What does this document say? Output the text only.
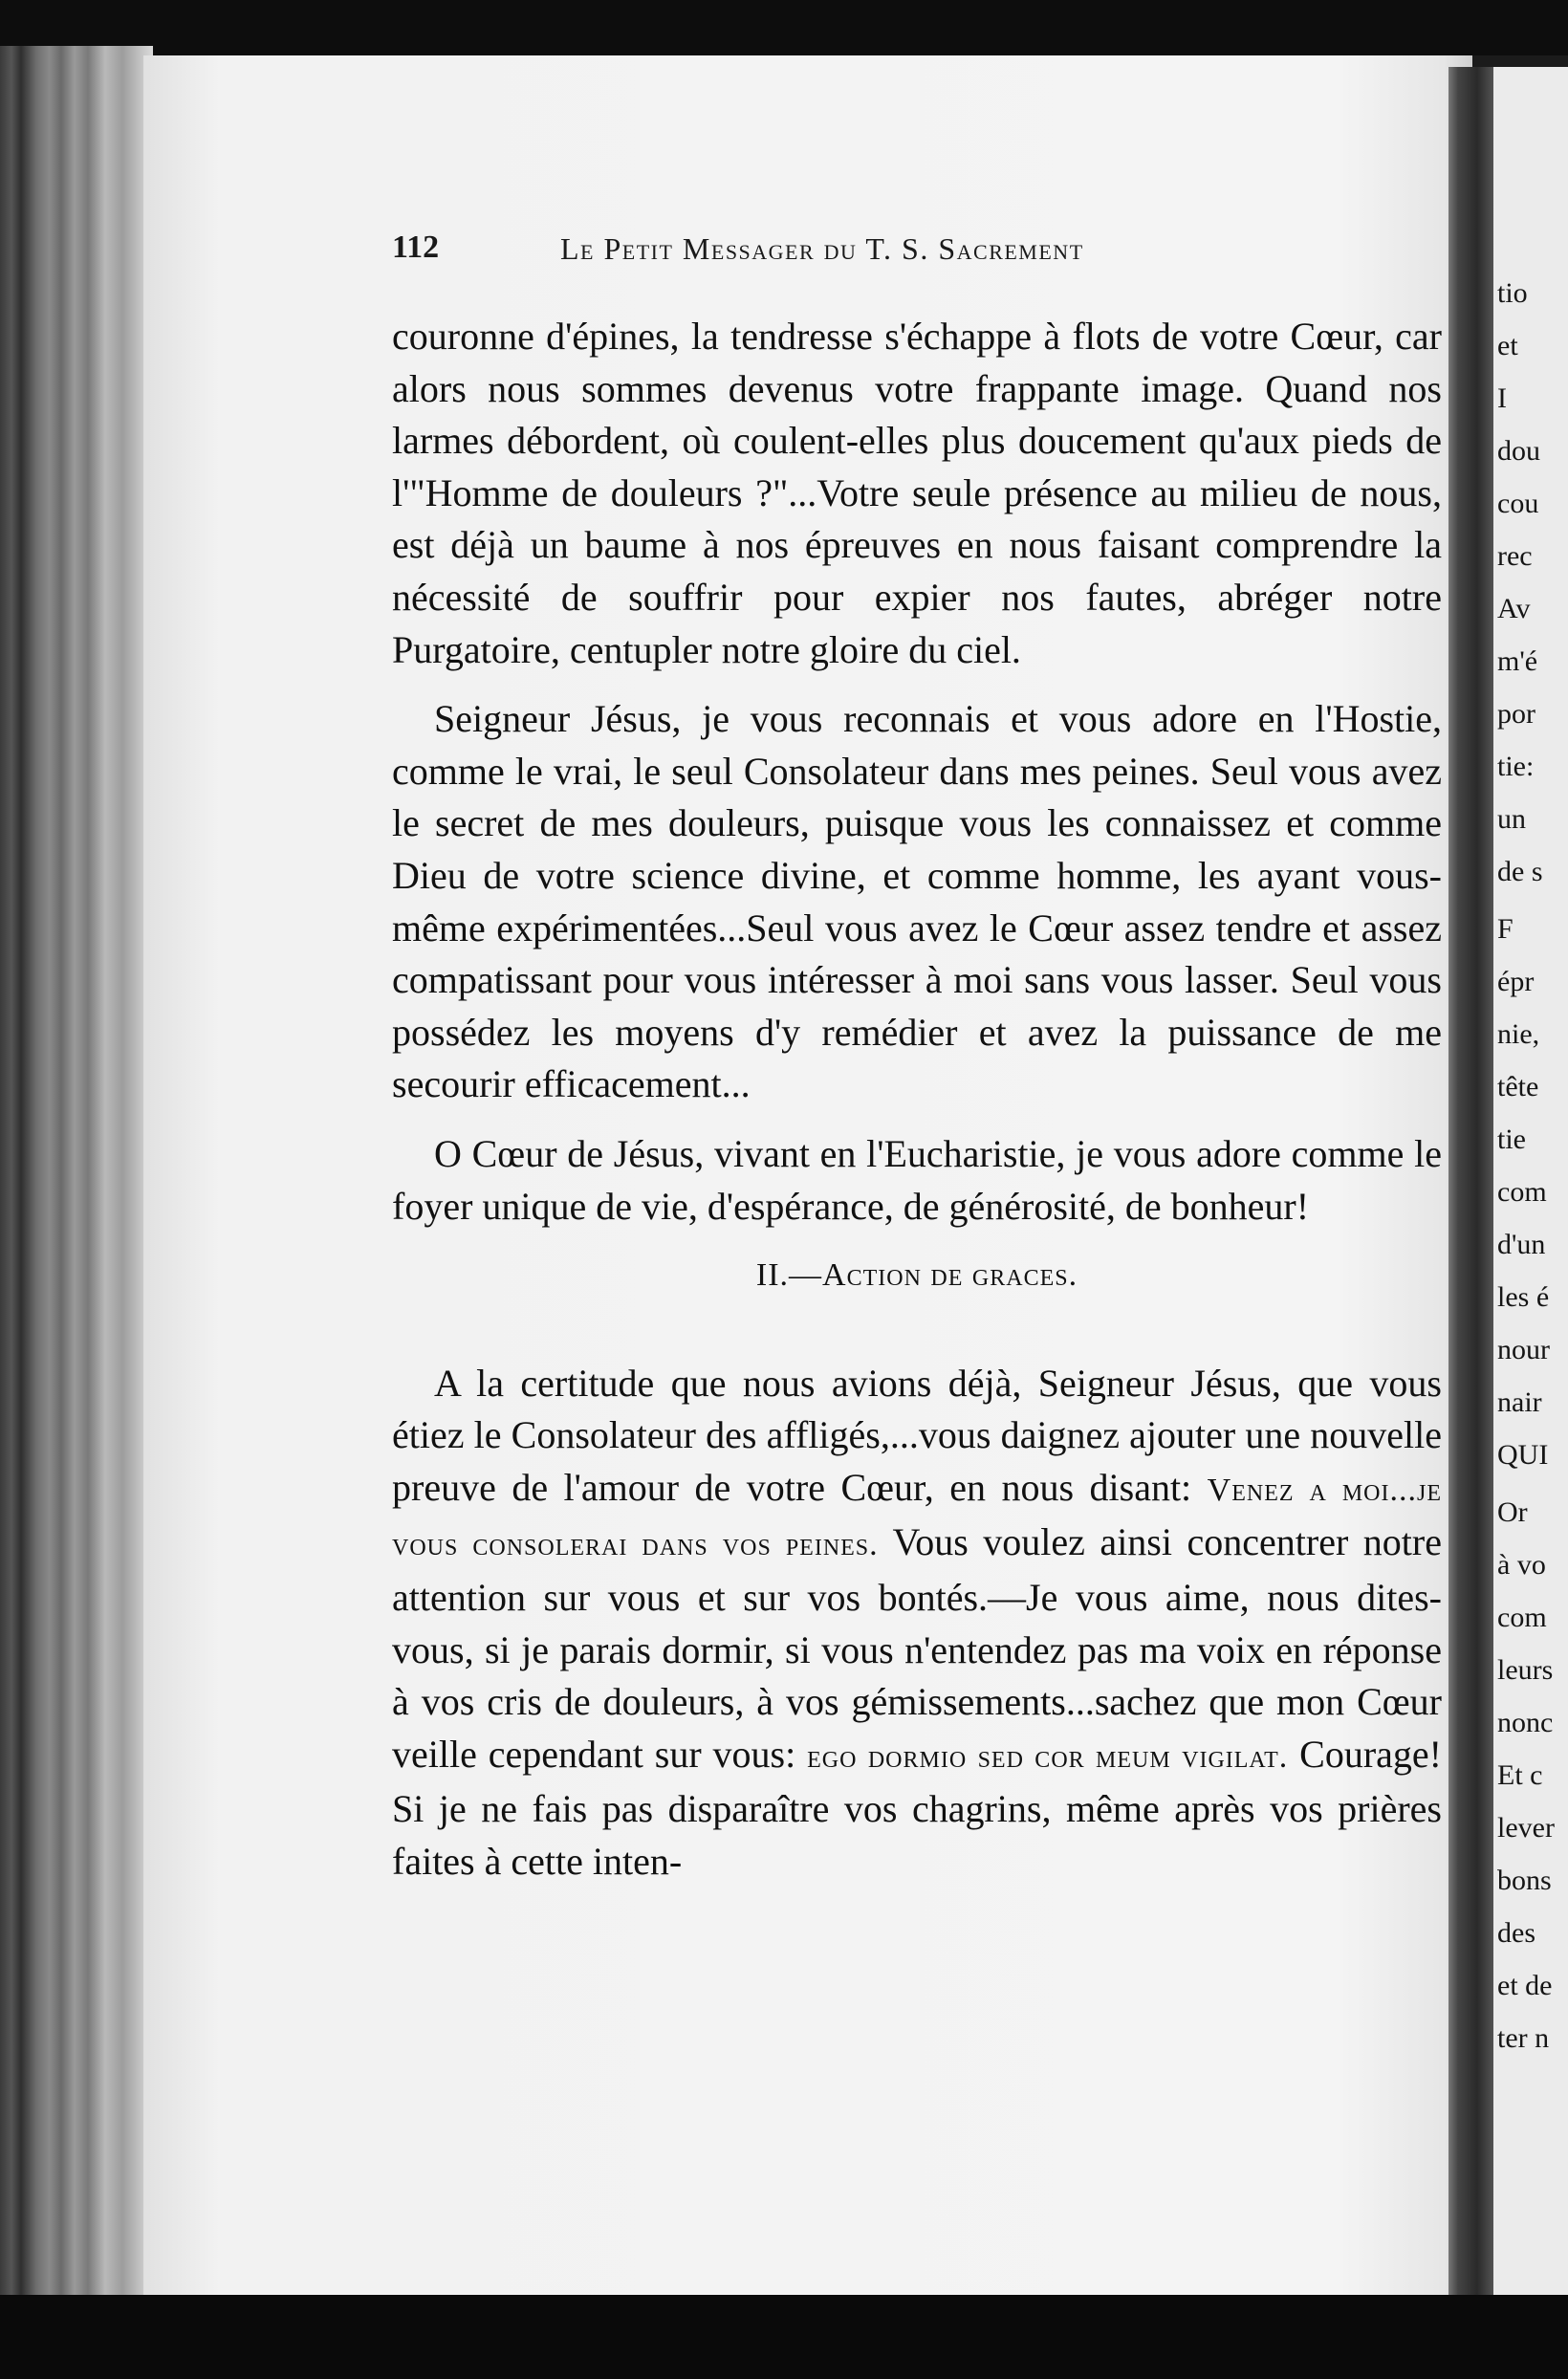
tio
et
I
dou
cou
rec
Av
m'é
por
tie:
un
de s
F
épr
nie,
tête
tie
com
d'un
les é
nour
nair
QUI
Or
à vo
com
leurs
nonc
Et c
lever
bons
des
et de
ter n
112	Le Petit Messager du T. S. Sacrement

couronne d'épines, la tendresse s'échappe à flots de votre Cœur, car alors nous sommes devenus votre frappante image. Quand nos larmes débordent, où coulent-elles plus doucement qu'aux pieds de l'"Homme de douleurs ?"...Votre seule présence au milieu de nous, est déjà un baume à nos épreuves en nous faisant comprendre la nécessité de souffrir pour expier nos fautes, abréger notre Purgatoire, centupler notre gloire du ciel.

Seigneur Jésus, je vous reconnais et vous adore en l'Hostie, comme le vrai, le seul Consolateur dans mes peines. Seul vous avez le secret de mes douleurs, puisque vous les connaissez et comme Dieu de votre science divine, et comme homme, les ayant vous-même expérimentées...Seul vous avez le Cœur assez tendre et assez compatissant pour vous intéresser à moi sans vous lasser. Seul vous possédez les moyens d'y remédier et avez la puissance de me secourir efficacement...

O Cœur de Jésus, vivant en l'Eucharistie, je vous adore comme le foyer unique de vie, d'espérance, de générosité, de bonheur!

II.—Action de graces.

A la certitude que nous avions déjà, Seigneur Jésus, que vous étiez le Consolateur des affligés,...vous daignez ajouter une nouvelle preuve de l'amour de votre Cœur, en nous disant: Venez a moi...je vous consolerai dans vos peines. Vous voulez ainsi concentrer notre attention sur vous et sur vos bontés.—Je vous aime, nous dites-vous, si je parais dormir, si vous n'entendez pas ma voix en réponse à vos cris de douleurs, à vos gémissements...sachez que mon Cœur veille cependant sur vous: ego dormio sed cor meum vigilat. Courage! Si je ne fais pas disparaître vos chagrins, même après vos prières faites à cette inten-
